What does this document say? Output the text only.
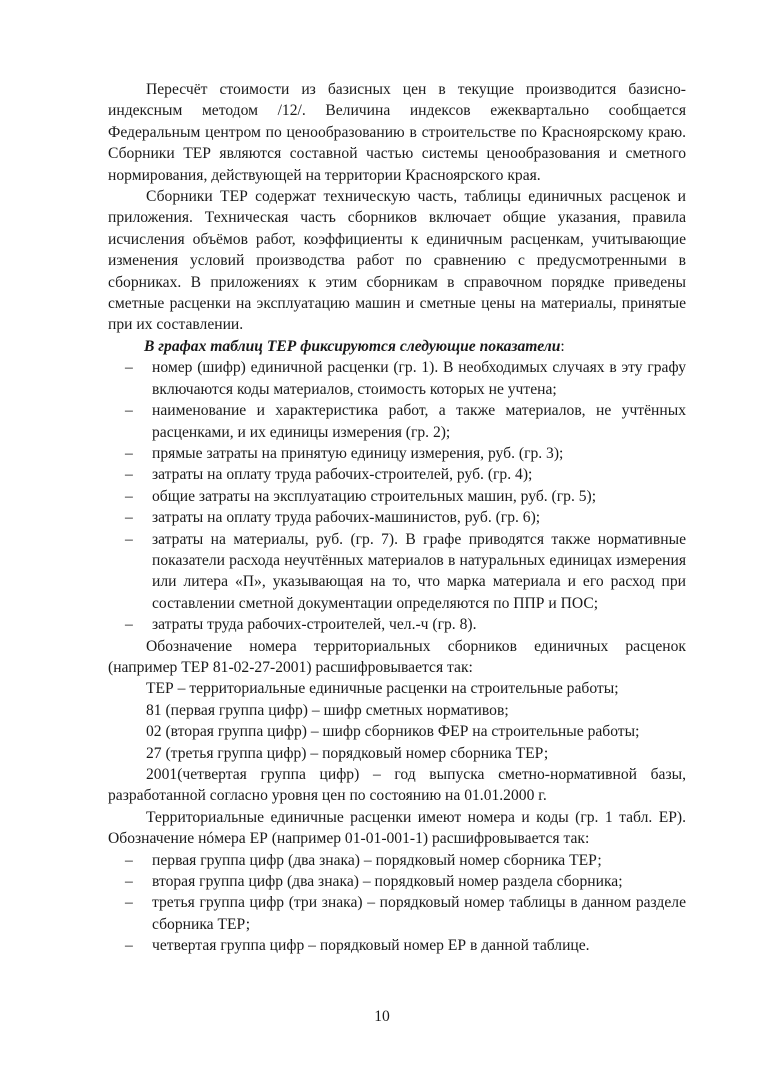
Пересчёт стоимости из базисных цен в текущие производится базисно-индексным методом /12/. Величина индексов ежеквартально сообщается Федеральным центром по ценообразованию в строительстве по Красноярскому краю. Сборники ТЕР являются составной частью системы ценообразования и сметного нормирования, действующей на территории Красноярского края.

Сборники ТЕР содержат техническую часть, таблицы единичных расценок и приложения. Техническая часть сборников включает общие указания, правила исчисления объёмов работ, коэффициенты к единичным расценкам, учитывающие изменения условий производства работ по сравнению с предусмотренными в сборниках. В приложениях к этим сборникам в справочном порядке приведены сметные расценки на эксплуатацию машин и сметные цены на материалы, принятые при их составлении.

В графах таблиц ТЕР фиксируются следующие показатели:

– номер (шифр) единичной расценки (гр. 1). В необходимых случаях в эту графу включаются коды материалов, стоимость которых не учтена;
– наименование и характеристика работ, а также материалов, не учтённых расценками, и их единицы измерения (гр. 2);
– прямые затраты на принятую единицу измерения, руб. (гр. 3);
– затраты на оплату труда рабочих-строителей, руб. (гр. 4);
– общие затраты на эксплуатацию строительных машин, руб. (гр. 5);
– затраты на оплату труда рабочих-машинистов, руб. (гр. 6);
– затраты на материалы, руб. (гр. 7). В графе приводятся также нормативные показатели расхода неучтённых материалов в натуральных единицах измерения или литера «П», указывающая на то, что марка материала и его расход при составлении сметной документации определяются по ППР и ПОС;
– затраты труда рабочих-строителей, чел.-ч (гр. 8).

Обозначение номера территориальных сборников единичных расценок (например ТЕР 81-02-27-2001) расшифровывается так:

ТЕР – территориальные единичные расценки на строительные работы;

81 (первая группа цифр) – шифр сметных нормативов;

02 (вторая группа цифр) – шифр сборников ФЕР на строительные работы;

27 (третья группа цифр) – порядковый номер сборника ТЕР;

2001(четвертая группа цифр) – год выпуска сметно-нормативной базы, разработанной согласно уровня цен по состоянию на 01.01.2000 г.

Территориальные единичные расценки имеют номера и коды (гр. 1 табл. ЕР). Обозначение нóмера ЕР (например 01-01-001-1) расшифровывается так:

– первая группа цифр (два знака) – порядковый номер сборника ТЕР;
– вторая группа цифр (два знака) – порядковый номер раздела сборника;
– третья группа цифр (три знака) – порядковый номер таблицы в данном разделе сборника ТЕР;
– четвертая группа цифр – порядковый номер ЕР в данной таблице.
10
